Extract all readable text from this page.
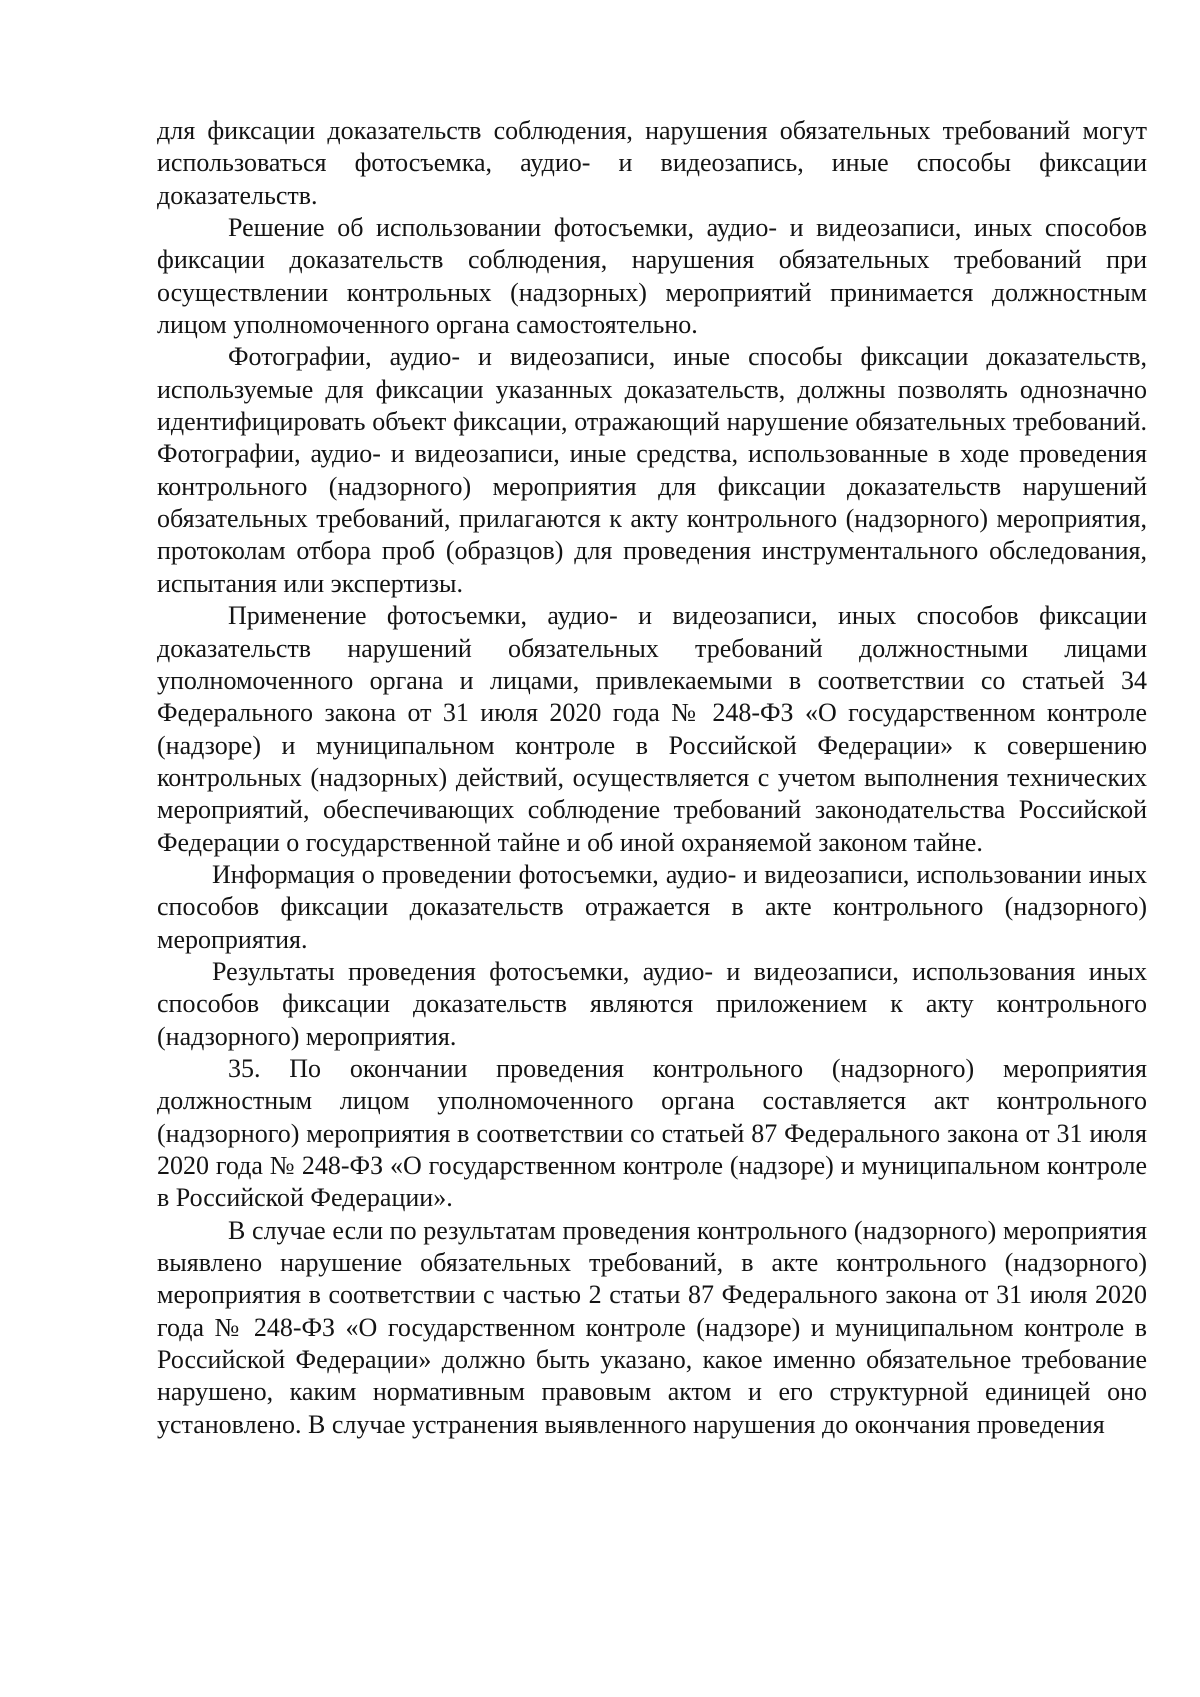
для фиксации доказательств соблюдения, нарушения обязательных требований могут использоваться фотосъемка, аудио- и видеозапись, иные способы фиксации доказательств.

Решение об использовании фотосъемки, аудио- и видеозаписи, иных способов фиксации доказательств соблюдения, нарушения обязательных требований при осуществлении контрольных (надзорных) мероприятий принимается должностным лицом уполномоченного органа самостоятельно.

Фотографии, аудио- и видеозаписи, иные способы фиксации доказательств, используемые для фиксации указанных доказательств, должны позволять однозначно идентифицировать объект фиксации, отражающий нарушение обязательных требований. Фотографии, аудио- и видеозаписи, иные средства, использованные в ходе проведения контрольного (надзорного) мероприятия для фиксации доказательств нарушений обязательных требований, прилагаются к акту контрольного (надзорного) мероприятия, протоколам отбора проб (образцов) для проведения инструментального обследования, испытания или экспертизы.

Применение фотосъемки, аудио- и видеозаписи, иных способов фиксации доказательств нарушений обязательных требований должностными лицами уполномоченного органа и лицами, привлекаемыми в соответствии со статьей 34 Федерального закона от 31 июля 2020 года № 248-ФЗ «О государственном контроле (надзоре) и муниципальном контроле в Российской Федерации» к совершению контрольных (надзорных) действий, осуществляется с учетом выполнения технических мероприятий, обеспечивающих соблюдение требований законодательства Российской Федерации о государственной тайне и об иной охраняемой законом тайне.

Информация о проведении фотосъемки, аудио- и видеозаписи, использовании иных способов фиксации доказательств отражается в акте контрольного (надзорного) мероприятия.

Результаты проведения фотосъемки, аудио- и видеозаписи, использования иных способов фиксации доказательств являются приложением к акту контрольного (надзорного) мероприятия.

35. По окончании проведения контрольного (надзорного) мероприятия должностным лицом уполномоченного органа составляется акт контрольного (надзорного) мероприятия в соответствии со статьей 87 Федерального закона от 31 июля 2020 года № 248-ФЗ «О государственном контроле (надзоре) и муниципальном контроле в Российской Федерации».

В случае если по результатам проведения контрольного (надзорного) мероприятия выявлено нарушение обязательных требований, в акте контрольного (надзорного) мероприятия в соответствии с частью 2 статьи 87 Федерального закона от 31 июля 2020 года № 248-ФЗ «О государственном контроле (надзоре) и муниципальном контроле в Российской Федерации» должно быть указано, какое именно обязательное требование нарушено, каким нормативным правовым актом и его структурной единицей оно установлено. В случае устранения выявленного нарушения до окончания проведения
